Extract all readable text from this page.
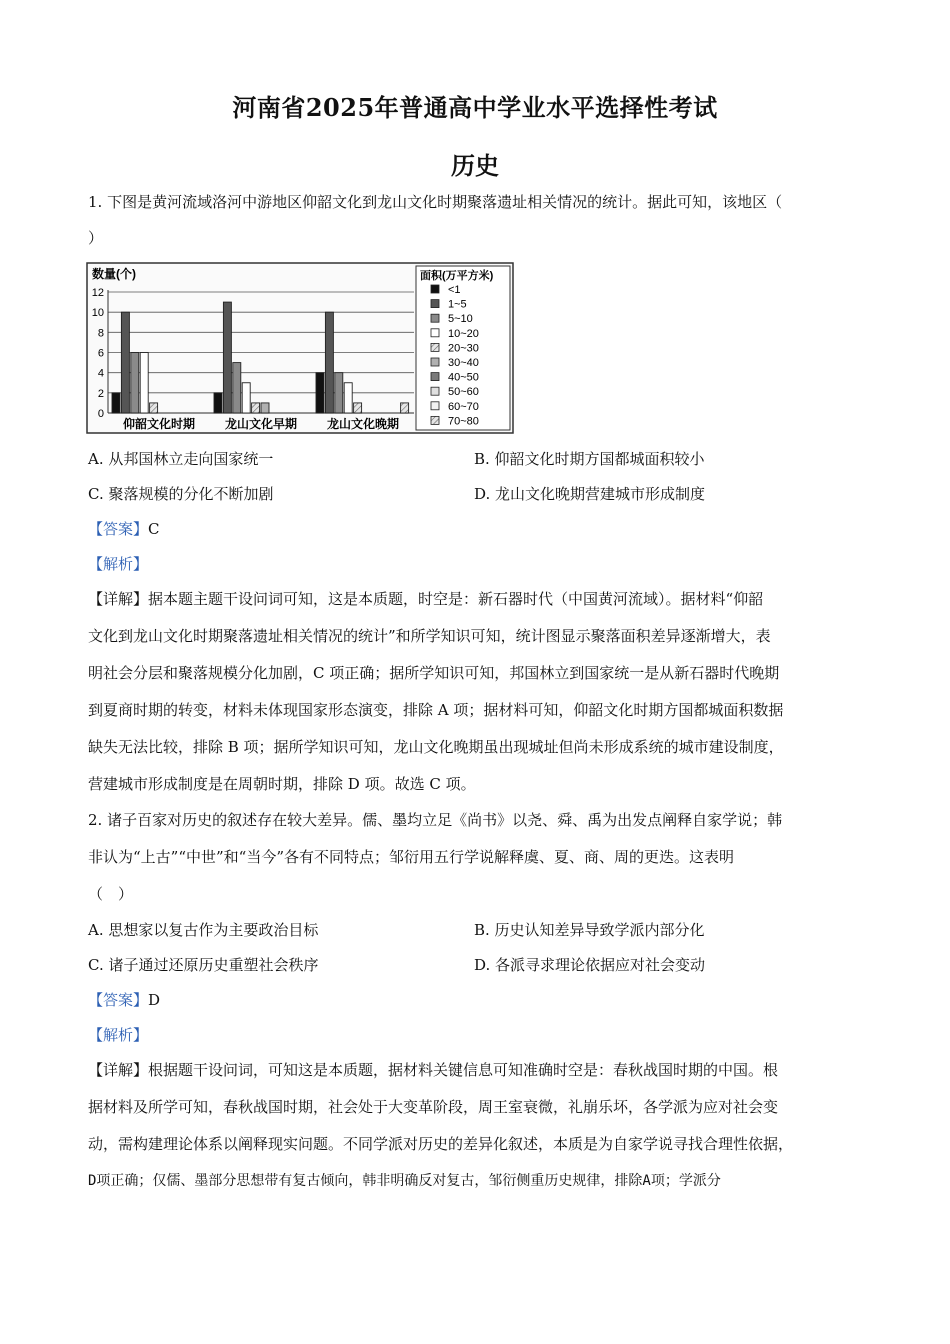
河南省2025年普通高中学业水平选择性考试
历史
1. 下图是黄河流域洛河中游地区仰韶文化到龙山文化时期聚落遗址相关情况的统计。据此可知，该地区（
）
数量(个)
0
2
4
6
8
10
12
仰韶文化时期 龙山文化早期 龙山文化晚期
面积(万平方米)
<1
1~5
5~10
10~20
20~30
30~40
40~50
50~60
60~70
70~80
A. 从邦国林立走向国家统一	B. 仰韶文化时期方国都城面积较小
C. 聚落规模的分化不断加剧	D. 龙山文化晚期营建城市形成制度
【答案】C
【解析】
【详解】据本题主题干设问词可知，这是本质题，时空是：新石器时代（中国黄河流域）。据材料“仰韶
文化到龙山文化时期聚落遗址相关情况的统计”和所学知识可知，统计图显示聚落面积差异逐渐增大，表
明社会分层和聚落规模分化加剧，C 项正确；据所学知识可知，邦国林立到国家统一是从新石器时代晚期
到夏商时期的转变，材料未体现国家形态演变，排除 A 项；据材料可知，仰韶文化时期方国都城面积数据
缺失无法比较，排除 B 项；据所学知识可知，龙山文化晚期虽出现城址但尚未形成系统的城市建设制度，
营建城市形成制度是在周朝时期，排除 D 项。故选 C 项。
2. 诸子百家对历史的叙述存在较大差异。儒、墨均立足《尚书》以尧、舜、禹为出发点阐释自家学说；韩
非认为“上古”“中世”和“当今”各有不同特点；邹衍用五行学说解释虞、夏、商、周的更迭。这表明
（　）
A. 思想家以复古作为主要政治目标	B. 历史认知差异导致学派内部分化
C. 诸子通过还原历史重塑社会秩序	D. 各派寻求理论依据应对社会变动
【答案】D
【解析】
【详解】根据题干设问词，可知这是本质题，据材料关键信息可知准确时空是：春秋战国时期的中国。根
据材料及所学可知，春秋战国时期，社会处于大变革阶段，周王室衰微，礼崩乐坏，各学派为应对社会变
动，需构建理论体系以阐释现实问题。不同学派对历史的差异化叙述，本质是为自家学说寻找合理性依据，
D项正确；仅儒、墨部分思想带有复古倾向，韩非明确反对复古，邹衍侧重历史规律，排除A项；学派分
